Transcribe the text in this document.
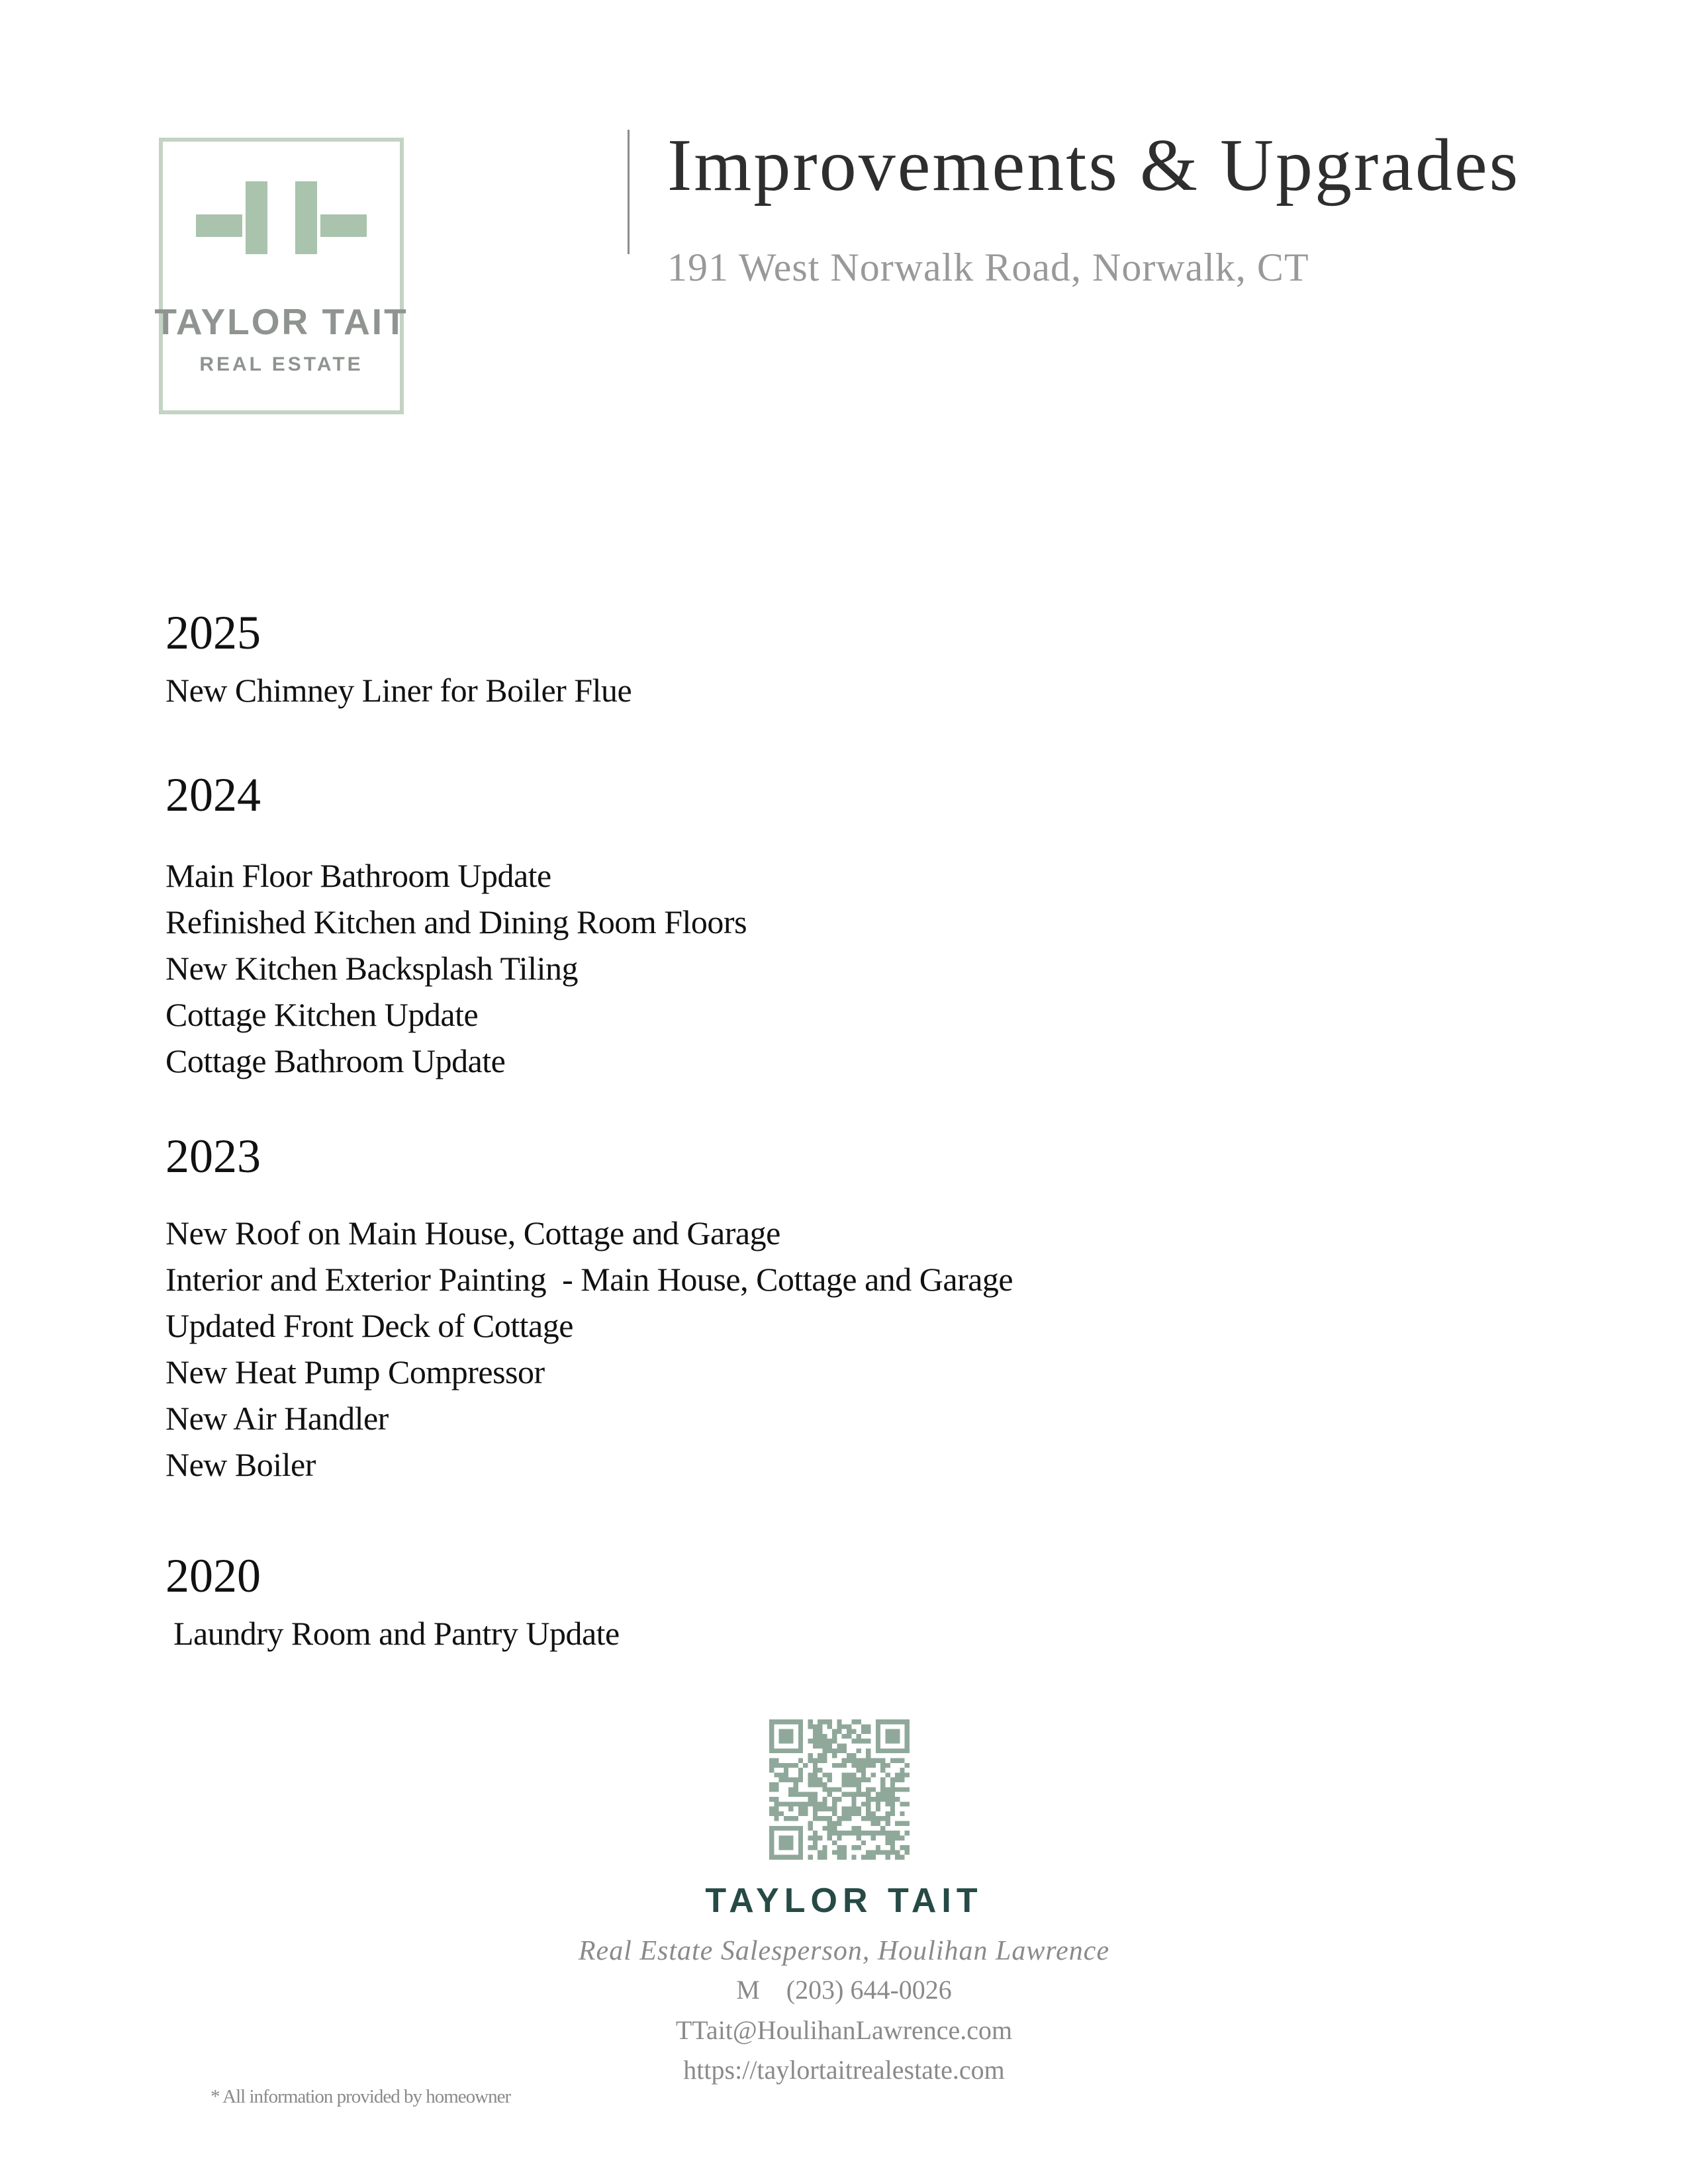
TAYLOR TAIT
REAL ESTATE
Improvements & Upgrades
191 West Norwalk Road, Norwalk, CT
2025
New Chimney Liner for Boiler Flue
2024
Main Floor Bathroom Update
Refinished Kitchen and Dining Room Floors
New Kitchen Backsplash Tiling
Cottage Kitchen Update
Cottage Bathroom Update
2023
New Roof on Main House, Cottage and Garage
Interior and Exterior Painting  - Main House, Cottage and Garage
Updated Front Deck of Cottage
New Heat Pump Compressor
New Air Handler
New Boiler
2020
Laundry Room and Pantry Update
TAYLOR TAIT
Real Estate Salesperson, Houlihan Lawrence
M    (203) 644-0026
TTait@HoulihanLawrence.com
https://taylortaitrealestate.com
* All information provided by homeowner
